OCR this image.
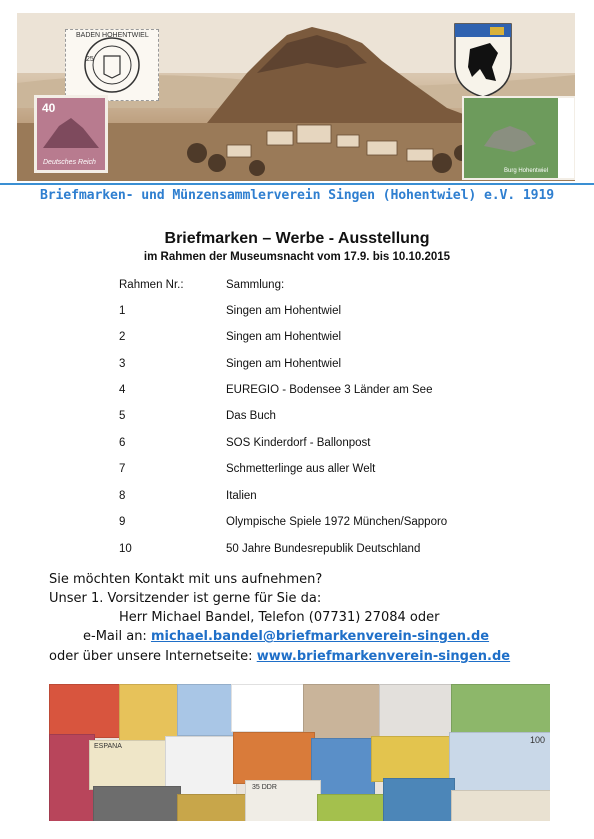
BADEN HOHENTWIEL
25
40
Deutsches Reich
Burg Hohentwiel
Briefmarken- und Münzensammlerverein Singen (Hohentwiel) e.V. 1919
Briefmarken – Werbe - Ausstellung
im Rahmen der Museumsnacht vom 17.9. bis 10.10.2015
Rahmen Nr.:	Sammlung:
1	Singen am Hohentwiel
2	Singen am Hohentwiel
3	Singen am Hohentwiel
4	EUREGIO - Bodensee 3 Länder am See
5	Das Buch
6	SOS Kinderdorf - Ballonpost
7	Schmetterlinge aus aller Welt
8	Italien
9	Olympische Spiele 1972 München/Sapporo
10	50 Jahre Bundesrepublik Deutschland
Sie möchten Kontakt mit uns aufnehmen?
Unser 1. Vorsitzender ist gerne für Sie da:
Herr Michael Bandel, Telefon (07731) 27084 oder
e-Mail an: michael.bandel@briefmarkenverein-singen.de
oder über unsere Internetseite: www.briefmarkenverein-singen.de
ESPANA
100
35 DDR
